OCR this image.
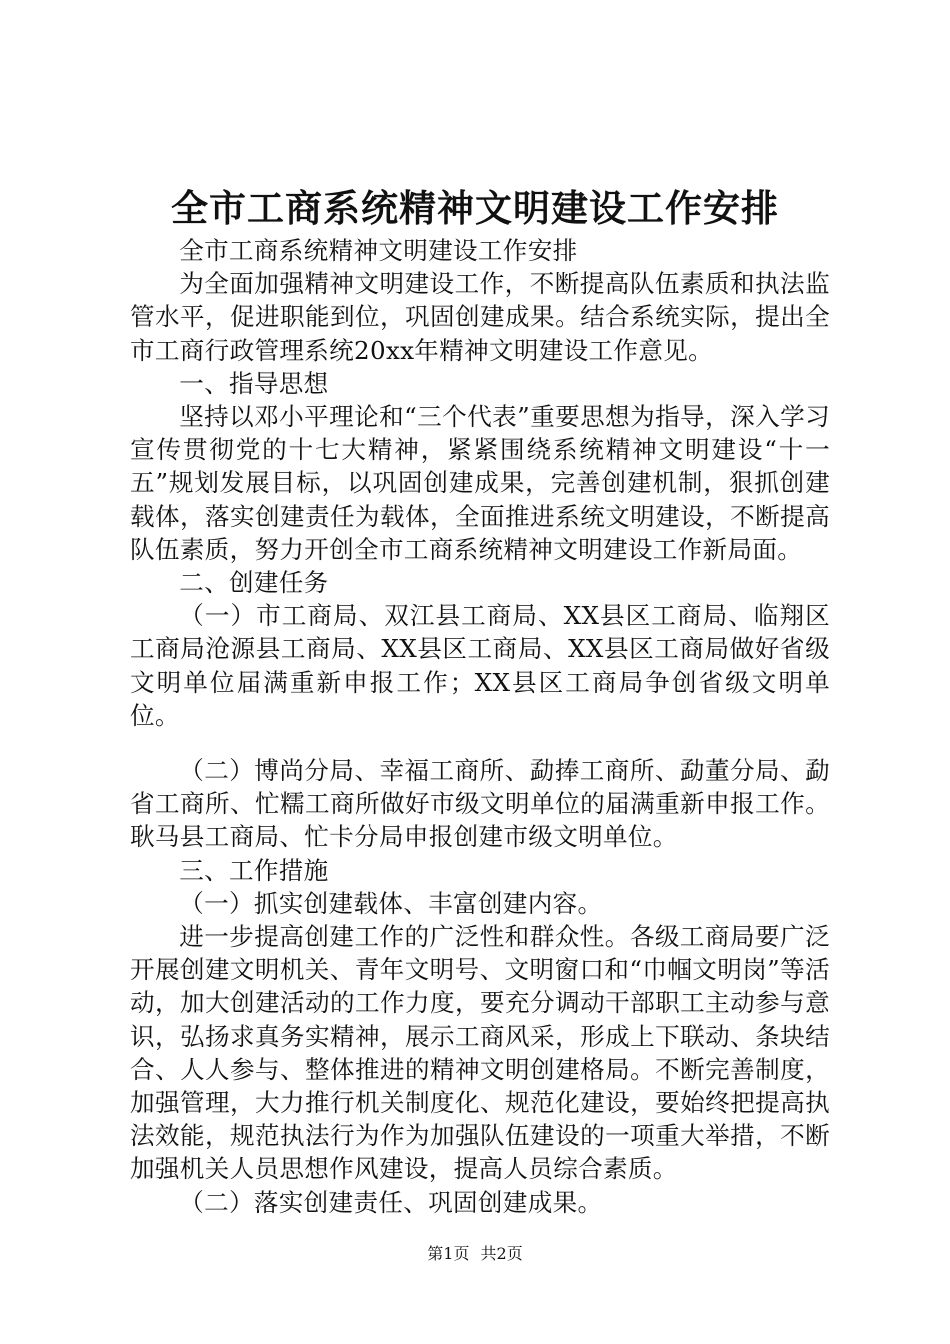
全市工商系统精神文明建设工作安排

全市工商系统精神文明建设工作安排

为全面加强精神文明建设工作，不断提高队伍素质和执法监管水平，促进职能到位，巩固创建成果。结合系统实际，提出全市工商行政管理系统20xx年精神文明建设工作意见。

一、指导思想

坚持以邓小平理论和“三个代表”重要思想为指导，深入学习宣传贯彻党的十七大精神，紧紧围绕系统精神文明建设“十一五”规划发展目标，以巩固创建成果，完善创建机制，狠抓创建载体，落实创建责任为载体，全面推进系统文明建设，不断提高队伍素质，努力开创全市工商系统精神文明建设工作新局面。

二、创建任务

（一）市工商局、双江县工商局、XX县区工商局、临翔区工商局沧源县工商局、XX县区工商局、XX县区工商局做好省级文明单位届满重新申报工作；XX县区工商局争创省级文明单位。

（二）博尚分局、幸福工商所、勐捧工商所、勐董分局、勐省工商所、忙糯工商所做好市级文明单位的届满重新申报工作。耿马县工商局、忙卡分局申报创建市级文明单位。

三、工作措施

（一）抓实创建载体、丰富创建内容。

进一步提高创建工作的广泛性和群众性。各级工商局要广泛开展创建文明机关、青年文明号、文明窗口和“巾帼文明岗”等活动，加大创建活动的工作力度，要充分调动干部职工主动参与意识，弘扬求真务实精神，展示工商风采，形成上下联动、条块结合、人人参与、整体推进的精神文明创建格局。不断完善制度，加强管理，大力推行机关制度化、规范化建设，要始终把提高执法效能，规范执法行为作为加强队伍建设的一项重大举措，不断加强机关人员思想作风建设，提高人员综合素质。

（二）落实创建责任、巩固创建成果。

第1页 共2页
